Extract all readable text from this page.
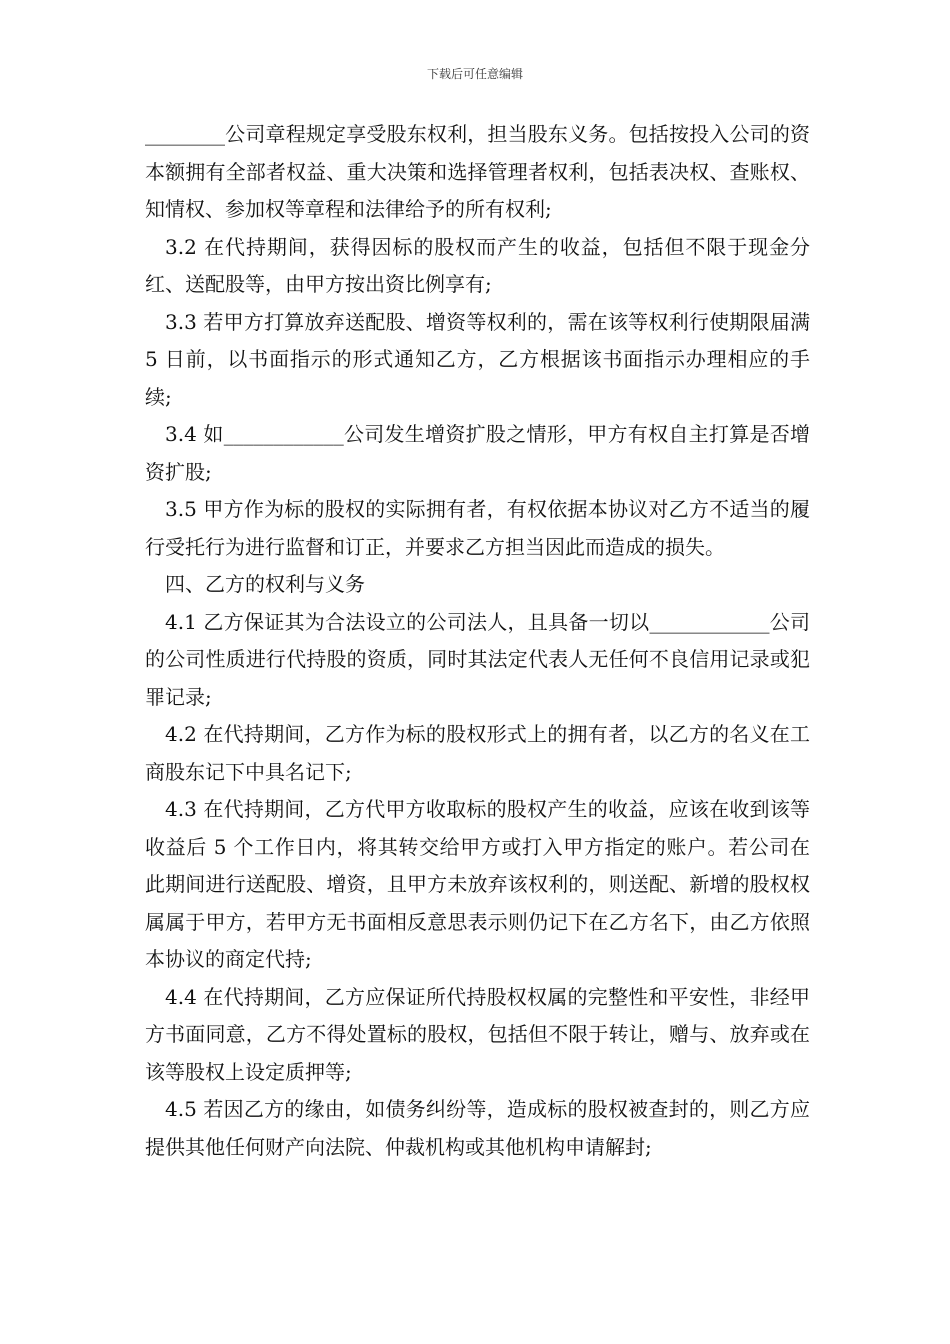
下载后可任意编辑

________公司章程规定享受股东权利，担当股东义务。包括按投入公司的资本额拥有全部者权益、重大决策和选择管理者权利，包括表决权、查账权、知情权、参加权等章程和法律给予的所有权利;

3.2 在代持期间，获得因标的股权而产生的收益，包括但不限于现金分红、送配股等，由甲方按出资比例享有;

3.3 若甲方打算放弃送配股、增资等权利的，需在该等权利行使期限届满 5 日前，以书面指示的形式通知乙方，乙方根据该书面指示办理相应的手续;

3.4 如____________公司发生增资扩股之情形，甲方有权自主打算是否增资扩股;

3.5 甲方作为标的股权的实际拥有者，有权依据本协议对乙方不适当的履行受托行为进行监督和订正，并要求乙方担当因此而造成的损失。

四、乙方的权利与义务

4.1 乙方保证其为合法设立的公司法人，且具备一切以____________公司的公司性质进行代持股的资质，同时其法定代表人无任何不良信用记录或犯罪记录;

4.2 在代持期间，乙方作为标的股权形式上的拥有者，以乙方的名义在工商股东记下中具名记下;

4.3 在代持期间，乙方代甲方收取标的股权产生的收益，应该在收到该等收益后 5 个工作日内，将其转交给甲方或打入甲方指定的账户。若公司在此期间进行送配股、增资，且甲方未放弃该权利的，则送配、新增的股权权属属于甲方，若甲方无书面相反意思表示则仍记下在乙方名下，由乙方依照本协议的商定代持;

4.4 在代持期间，乙方应保证所代持股权权属的完整性和平安性，非经甲方书面同意，乙方不得处置标的股权，包括但不限于转让，赠与、放弃或在该等股权上设定质押等;

4.5 若因乙方的缘由，如债务纠纷等，造成标的股权被查封的，则乙方应提供其他任何财产向法院、仲裁机构或其他机构申请解封;
